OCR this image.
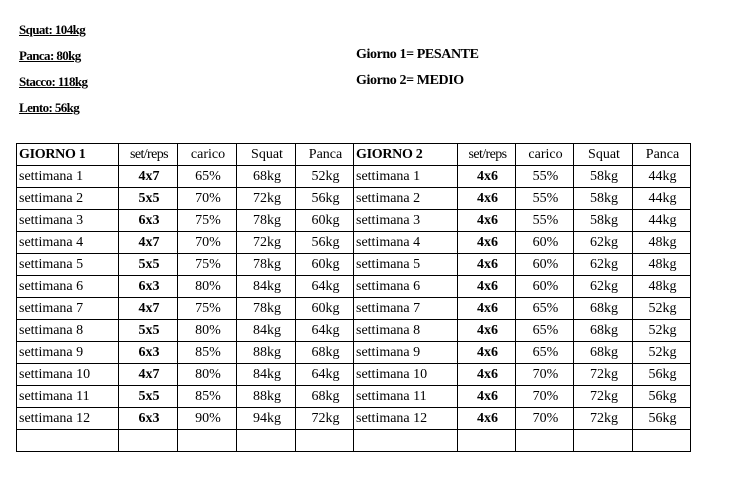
Squat: 104kg
Panca: 80kg
Stacco: 118kg
Lento: 56kg
Giorno 1= PESANTE
Giorno 2= MEDIO
GIORNO 1	set/reps	carico	Squat	Panca	GIORNO 2	set/reps	carico	Squat	Panca
settimana 1	4x7	65%	68kg	52kg	settimana 1	4x6	55%	58kg	44kg
settimana 2	5x5	70%	72kg	56kg	settimana 2	4x6	55%	58kg	44kg
settimana 3	6x3	75%	78kg	60kg	settimana 3	4x6	55%	58kg	44kg
settimana 4	4x7	70%	72kg	56kg	settimana 4	4x6	60%	62kg	48kg
settimana 5	5x5	75%	78kg	60kg	settimana 5	4x6	60%	62kg	48kg
settimana 6	6x3	80%	84kg	64kg	settimana 6	4x6	60%	62kg	48kg
settimana 7	4x7	75%	78kg	60kg	settimana 7	4x6	65%	68kg	52kg
settimana 8	5x5	80%	84kg	64kg	settimana 8	4x6	65%	68kg	52kg
settimana 9	6x3	85%	88kg	68kg	settimana 9	4x6	65%	68kg	52kg
settimana 10	4x7	80%	84kg	64kg	settimana 10	4x6	70%	72kg	56kg
settimana 11	5x5	85%	88kg	68kg	settimana 11	4x6	70%	72kg	56kg
settimana 12	6x3	90%	94kg	72kg	settimana 12	4x6	70%	72kg	56kg
